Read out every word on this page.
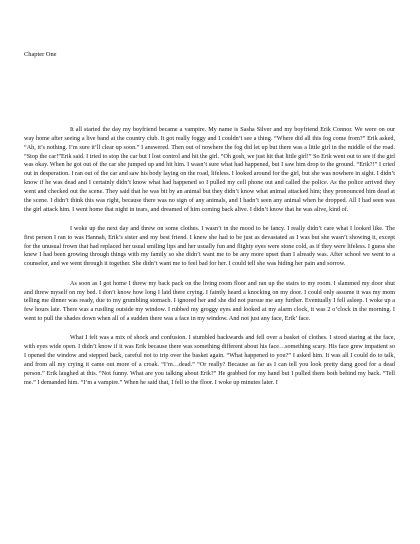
Chapter One

It all started the day my boyfriend became a vampire. My name is Sasha Silver and my boyfriend Erik Connor. We were on our way home after seeing a live band at the country club. It got really foggy and I couldn’t see a thing. “Where did all this fog come from?” Erik asked, “Ah, it’s nothing. I’m sure it’ll clear up soon.” I answered. Then out of nowhere the fog did let up but there was a little girl in the middle of the road. “Stop the car!”Erik said. I tried to stop the car but I lost control and hit the girl. “Oh gosh, we just hit that little girl!” So Erik went out to see if the girl was okay. When he got out of the car she jumped up and hit him. I wasn’t sure what had happened, but I saw him drop to the ground. “Erik?!” I cried out in desperation. I ran out of the car and saw his body laying on the road, lifeless. I looked around for the girl, but she was nowhere in sight. I didn’t know if he was dead and I certainly didn’t know what had happened so I pulled my cell phone out and called the police. As the police arrived they went and checked out the scene. They said that he was bit by an animal but they didn’t know what animal attacked him; they pronounced him dead at the scene. I didn’t think this was right, because there was no sign of any animals, and I hadn’t seen any animal when he dropped. All I had seen was the girl attack him. I went home that night in tears, and dreamed of him coming back alive. I didn’t know that he was alive, kind of.

I woke up the next day and threw on some clothes. I wasn’t in the mood to be fancy. I really didn’t care what I looked like. The first person I ran to was Hannah, Erik’s sister and my best friend. I knew she had to be just as devastated as I was but she wasn’t showing it, except for the unusual frown that had replaced her usual smiling lips and her usually fun and flighty eyes were stone cold, as if they were lifeless. I guess she knew I had been growing through things with my family so she didn’t want me to be any more upset than I already was. After school we went to a counselor, and we went through it together. She didn’t want me to feel bad for her. I could tell she was hiding her pain and sorrow.

As soon as I got home I threw my back pack on the living room floor and ran up the stairs to my room. I slammed my door shut and threw myself on my bed. I don’t know how long I laid there crying. I faintly heard a knocking on my door. I could only assume it was my mom telling me dinner was ready, due to my grumbling stomach. I ignored her and she did not pursue me any further. Eventually I fell asleep. I woke up a few hours late. There was a rustling outside my window. I rubbed my groggy eyes and looked at my alarm clock, it was 2 o’clock in the morning. I went to pull the shades down when all of a sudden there was a face in my window. And not just any face, Erik’ face.

What I felt was a mix of shock and confusion. I stumbled backwards and fell over a basket of clothes. I stood staring at the face, with eyes wide open. I didn’t know if it was Erik because there was something different about his face…something scary. His face grew impatient so I opened the window and stepped back, careful not to trip over the basket again. “What happened to you?” I asked him. It was all I could do to talk, and from all my crying it came out more of a croak. “I’m…dead.” “Or really? Because as far as I can tell you look pretty dang good for a dead person.” Erik laughed at this. “Not funny. What are you talking about Erik?” He grabbed for my hand but I pulled them both behind my back. “Tell me.” I demanded him. “I’m a vampire.” When he said that, I fell to the floor. I woke up minutes later. I
